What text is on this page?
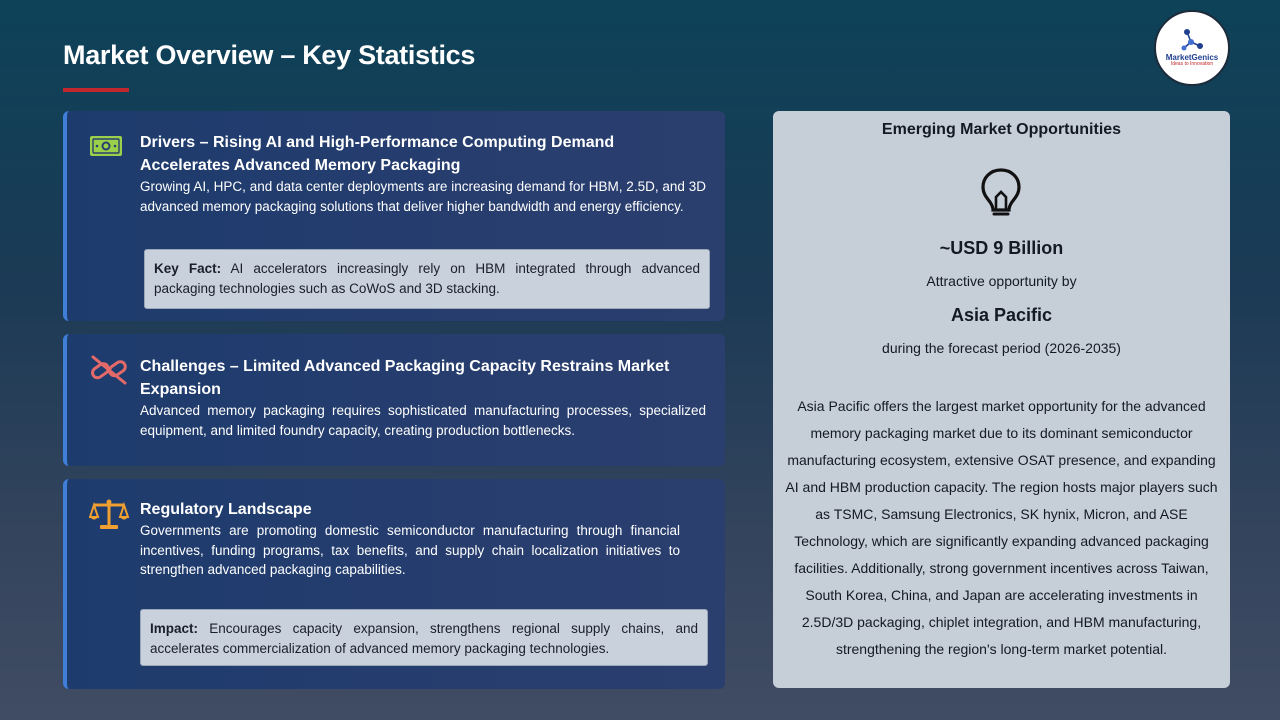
Market Overview – Key Statistics	MarketGenics
Ideas to Innovation
Drivers – Rising AI and High-Performance Computing Demand Accelerates Advanced Memory Packaging

Growing AI, HPC, and data center deployments are increasing demand for HBM, 2.5D, and 3D advanced memory packaging solutions that deliver higher bandwidth and energy efficiency.

Key Fact: AI accelerators increasingly rely on HBM integrated through advanced packaging technologies such as CoWoS and 3D stacking.
Challenges – Limited Advanced Packaging Capacity Restrains Market Expansion

Advanced memory packaging requires sophisticated manufacturing processes, specialized equipment, and limited foundry capacity, creating production bottlenecks.

Regulatory Landscape

Governments are promoting domestic semiconductor manufacturing through financial incentives, funding programs, tax benefits, and supply chain localization initiatives to strengthen advanced packaging capabilities.

Impact: Encourages capacity expansion, strengthens regional supply chains, and accelerates commercialization of advanced memory packaging technologies.
Emerging Market Opportunities
~USD 9 Billion
Attractive opportunity by
Asia Pacific
during the forecast period (2026-2035)

Asia Pacific offers the largest market opportunity for the advanced memory packaging market due to its dominant semiconductor manufacturing ecosystem, extensive OSAT presence, and expanding AI and HBM production capacity. The region hosts major players such as TSMC, Samsung Electronics, SK hynix, Micron, and ASE Technology, which are significantly expanding advanced packaging facilities. Additionally, strong government incentives across Taiwan, South Korea, China, and Japan are accelerating investments in 2.5D/3D packaging, chiplet integration, and HBM manufacturing, strengthening the region's long-term market potential.
